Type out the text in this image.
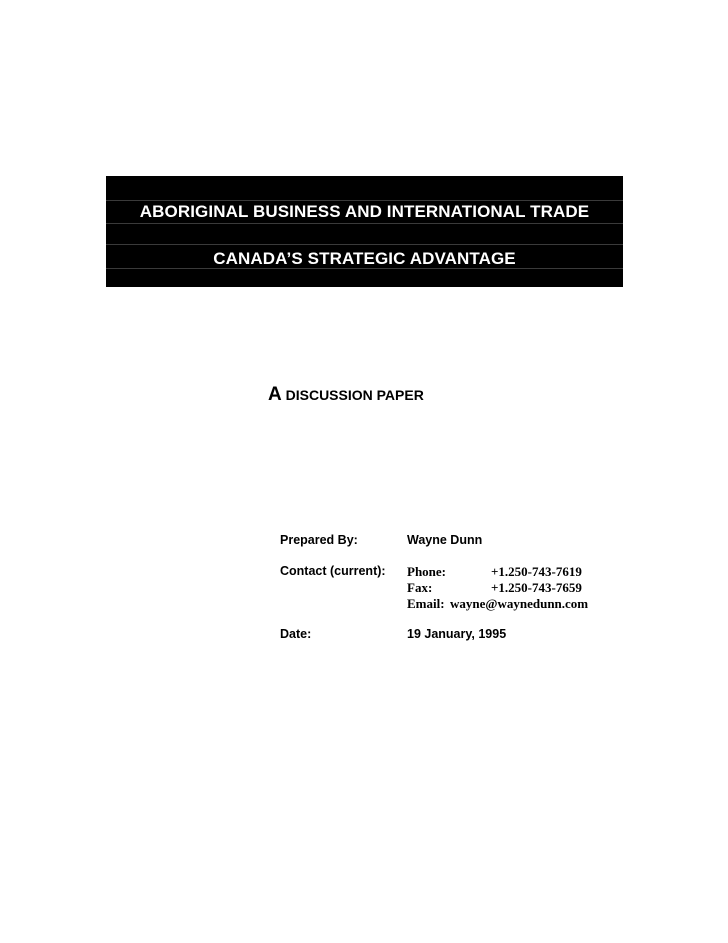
ABORIGINAL BUSINESS AND INTERNATIONAL TRADE
CANADA’S STRATEGIC ADVANTAGE
A DISCUSSION PAPER
Prepared By:	Wayne Dunn
Contact (current): Phone:	+1.250-743-7619
Fax:	+1.250-743-7659
Email: wayne@waynedunn.com
Date:	19 January, 1995
